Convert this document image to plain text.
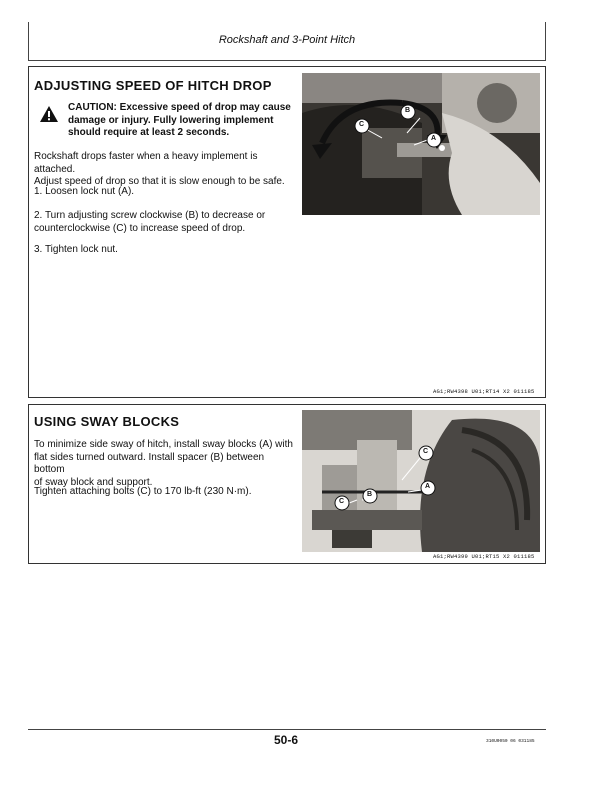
Rockshaft and 3-Point Hitch
ADJUSTING SPEED OF HITCH DROP
CAUTION: Excessive speed of drop may cause
damage or injury. Fully lowering implement
should require at least 2 seconds.
Rockshaft drops faster when a heavy implement is attached.
Adjust speed of drop so that it is slow enough to be safe.
1. Loosen lock nut (A).
2. Turn adjusting screw clockwise (B) to decrease or
counterclockwise (C) to increase speed of drop.
3. Tighten lock nut.
B
C
A
AG1;RW4398 U01;RT14 X2 011185
USING SWAY BLOCKS
To minimize side sway of hitch, install sway blocks (A) with
flat sides turned outward. Install spacer (B) between bottom
of sway block and support.
Tighten attaching bolts (C) to 170 lb-ft (230 N·m).
C
A
B
C
AG1;RW4399 U01;RT15 X2 011185
50-6	310U0050 06 031185
